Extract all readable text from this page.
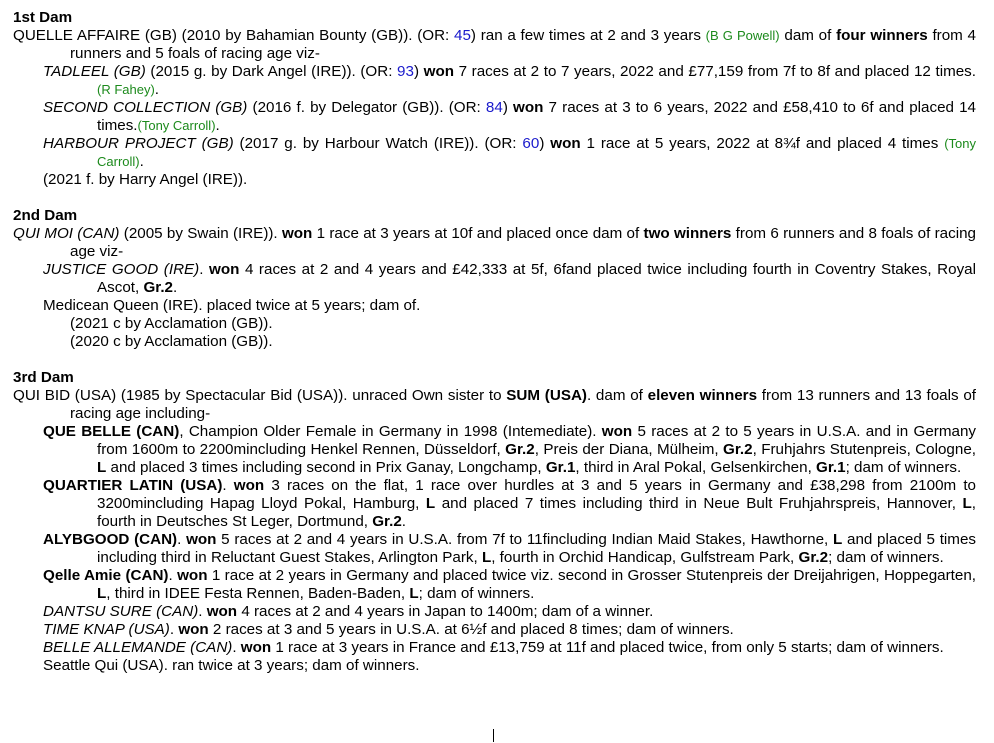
1st Dam
QUELLE AFFAIRE (GB) (2010 by Bahamian Bounty (GB)). (OR: 45) ran a few times at 2 and 3 years (B G Powell) dam of four winners from 4 runners and 5 foals of racing age viz-
TADLEEL (GB) (2015 g. by Dark Angel (IRE)). (OR: 93) won 7 races at 2 to 7 years, 2022 and £77,159 from 7f to 8f and placed 12 times. (R Fahey).
SECOND COLLECTION (GB) (2016 f. by Delegator (GB)). (OR: 84) won 7 races at 3 to 6 years, 2022 and £58,410 to 6f and placed 14 times.(Tony Carroll).
HARBOUR PROJECT (GB) (2017 g. by Harbour Watch (IRE)). (OR: 60) won 1 race at 5 years, 2022 at 8¾f and placed 4 times (Tony Carroll).
(2021 f. by Harry Angel (IRE)).
2nd Dam
QUI MOI (CAN) (2005 by Swain (IRE)). won 1 race at 3 years at 10f and placed once dam of two winners from 6 runners and 8 foals of racing age viz-
JUSTICE GOOD (IRE). won 4 races at 2 and 4 years and £42,333 at 5f, 6fand placed twice including fourth in Coventry Stakes, Royal Ascot, Gr.2.
Medicean Queen (IRE). placed twice at 5 years; dam of.
(2021 c by Acclamation (GB)).
(2020 c by Acclamation (GB)).
3rd Dam
QUI BID (USA) (1985 by Spectacular Bid (USA)). unraced Own sister to SUM (USA). dam of eleven winners from 13 runners and 13 foals of racing age including-
QUE BELLE (CAN), Champion Older Female in Germany in 1998 (Intemediate). won 5 races at 2 to 5 years in U.S.A. and in Germany from 1600m to 2200mincluding Henkel Rennen, Düsseldorf, Gr.2, Preis der Diana, Mülheim, Gr.2, Fruhjahrs Stutenpreis, Cologne, L and placed 3 times including second in Prix Ganay, Longchamp, Gr.1, third in Aral Pokal, Gelsenkirchen, Gr.1; dam of winners.
QUARTIER LATIN (USA). won 3 races on the flat, 1 race over hurdles at 3 and 5 years in Germany and £38,298 from 2100m to 3200mincluding Hapag Lloyd Pokal, Hamburg, L and placed 7 times including third in Neue Bult Fruhjahrspreis, Hannover, L, fourth in Deutsches St Leger, Dortmund, Gr.2.
ALYBGOOD (CAN). won 5 races at 2 and 4 years in U.S.A. from 7f to 11fincluding Indian Maid Stakes, Hawthorne, L and placed 5 times including third in Reluctant Guest Stakes, Arlington Park, L, fourth in Orchid Handicap, Gulfstream Park, Gr.2; dam of winners.
Qelle Amie (CAN). won 1 race at 2 years in Germany and placed twice viz. second in Grosser Stutenpreis der Dreijahrigen, Hoppegarten, L, third in IDEE Festa Rennen, Baden-Baden, L; dam of winners.
DANTSU SURE (CAN). won 4 races at 2 and 4 years in Japan to 1400m; dam of a winner.
TIME KNAP (USA). won 2 races at 3 and 5 years in U.S.A. at 6½f and placed 8 times; dam of winners.
BELLE ALLEMANDE (CAN). won 1 race at 3 years in France and £13,759 at 11f and placed twice, from only 5 starts; dam of winners.
Seattle Qui (USA). ran twice at 3 years; dam of winners.
